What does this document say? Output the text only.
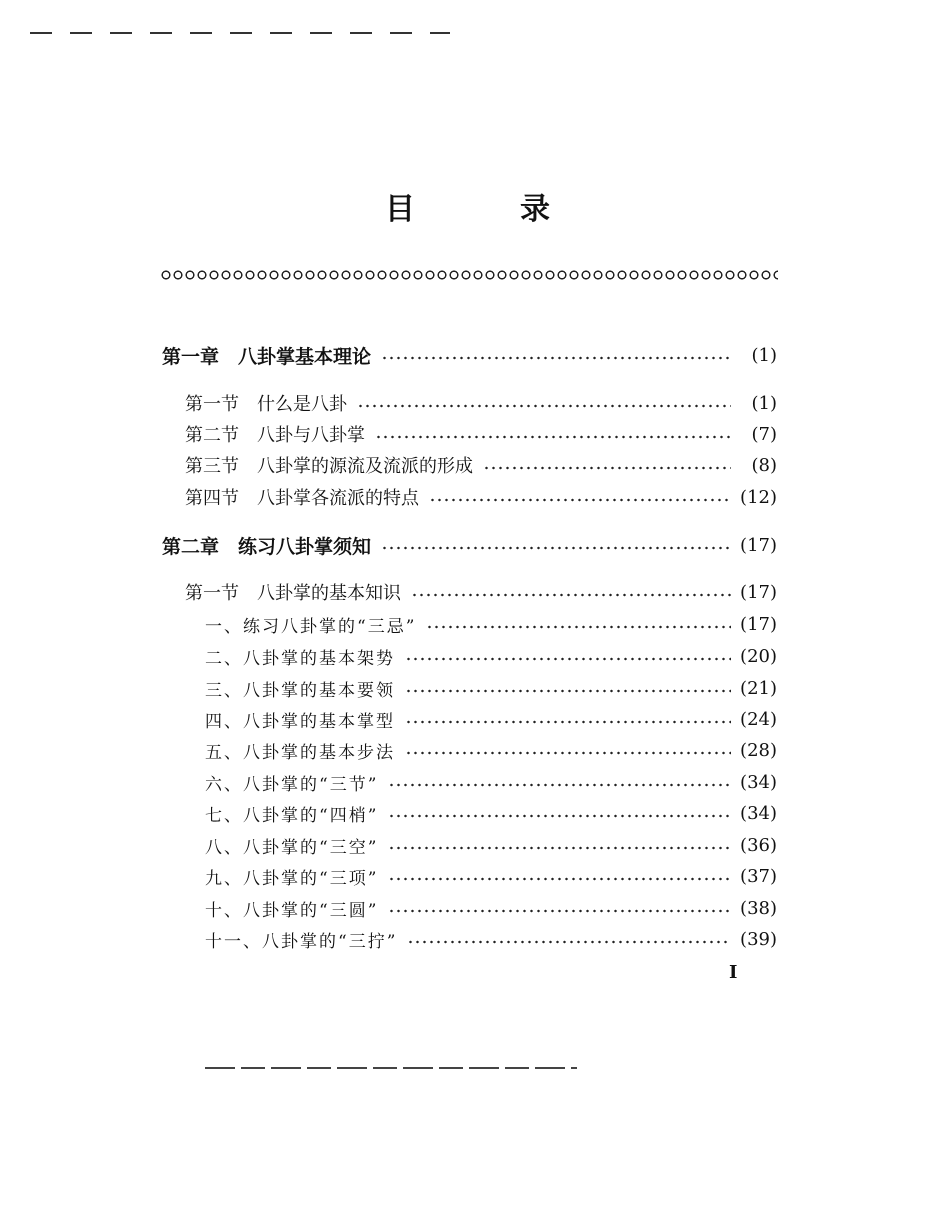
目	录
第一章　八卦掌基本理论	(1)
第一节　什么是八卦	(1)
第二节　八卦与八卦掌	(7)
第三节　八卦掌的源流及流派的形成	(8)
第四节　八卦掌各流派的特点	(12)
第二章　练习八卦掌须知	(17)
第一节　八卦掌的基本知识	(17)
一、练习八卦掌的“三忌”	(17)
二、八卦掌的基本架势	(20)
三、八卦掌的基本要领	(21)
四、八卦掌的基本掌型	(24)
五、八卦掌的基本步法	(28)
六、八卦掌的“三节”	(34)
七、八卦掌的“四梢”	(34)
八、八卦掌的“三空”	(36)
九、八卦掌的“三项”	(37)
十、八卦掌的“三圆”	(38)
十一、八卦掌的“三拧”	(39)
I
